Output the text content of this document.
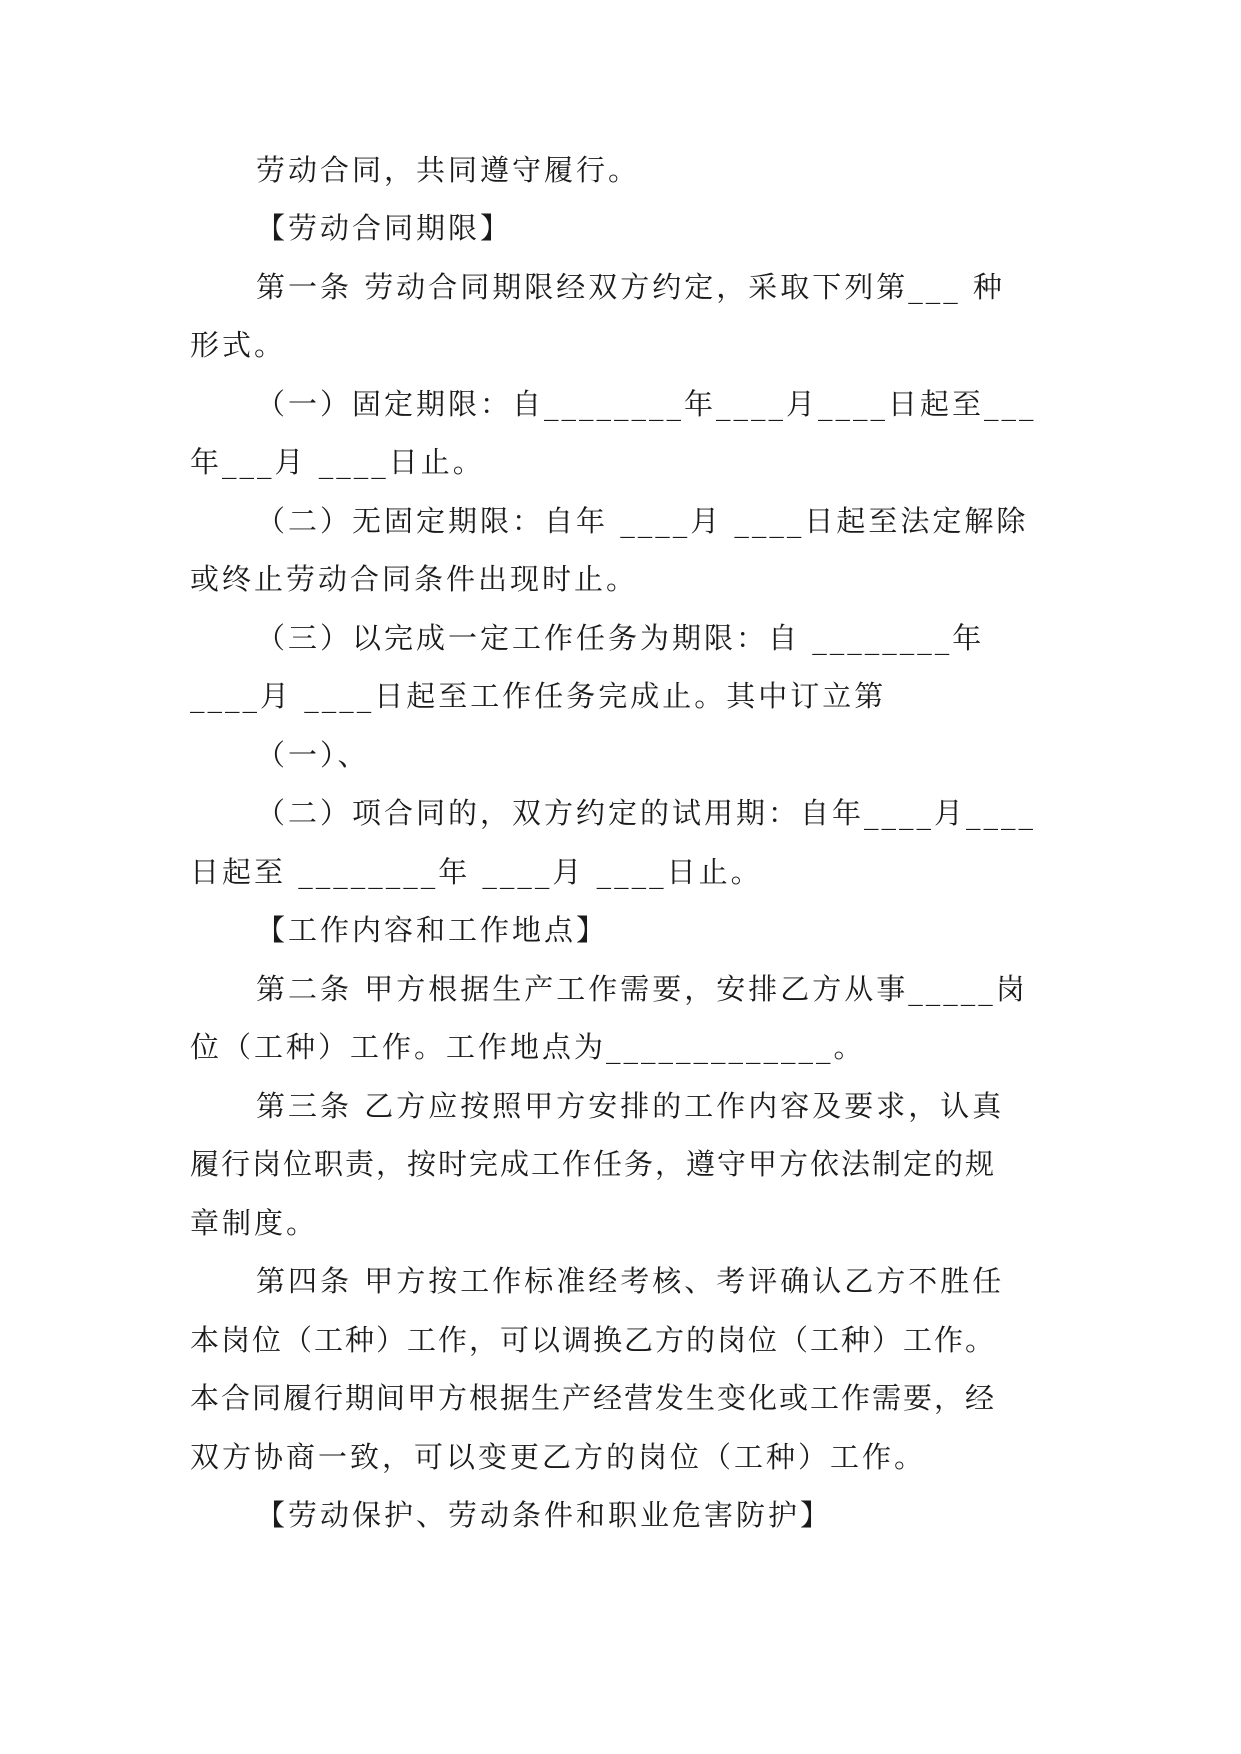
劳动合同，共同遵守履行。
【劳动合同期限】
第一条 劳动合同期限经双方约定，采取下列第___ 种
形式。
（一）固定期限：自________年____月____日起至___
年___月 ____日止。
（二）无固定期限：自年 ____月 ____日起至法定解除
或终止劳动合同条件出现时止。
（三）以完成一定工作任务为期限：自 ________年
____月 ____日起至工作任务完成止。其中订立第
（一）、
（二）项合同的，双方约定的试用期：自年____月____
日起至 ________年 ____月 ____日止。
【工作内容和工作地点】
第二条 甲方根据生产工作需要，安排乙方从事_____岗
位（工种）工作。工作地点为_____________。
第三条 乙方应按照甲方安排的工作内容及要求，认真
履行岗位职责，按时完成工作任务，遵守甲方依法制定的规
章制度。
第四条 甲方按工作标准经考核、考评确认乙方不胜任
本岗位（工种）工作，可以调换乙方的岗位（工种）工作。
本合同履行期间甲方根据生产经营发生变化或工作需要，经
双方协商一致，可以变更乙方的岗位（工种）工作。
【劳动保护、劳动条件和职业危害防护】
